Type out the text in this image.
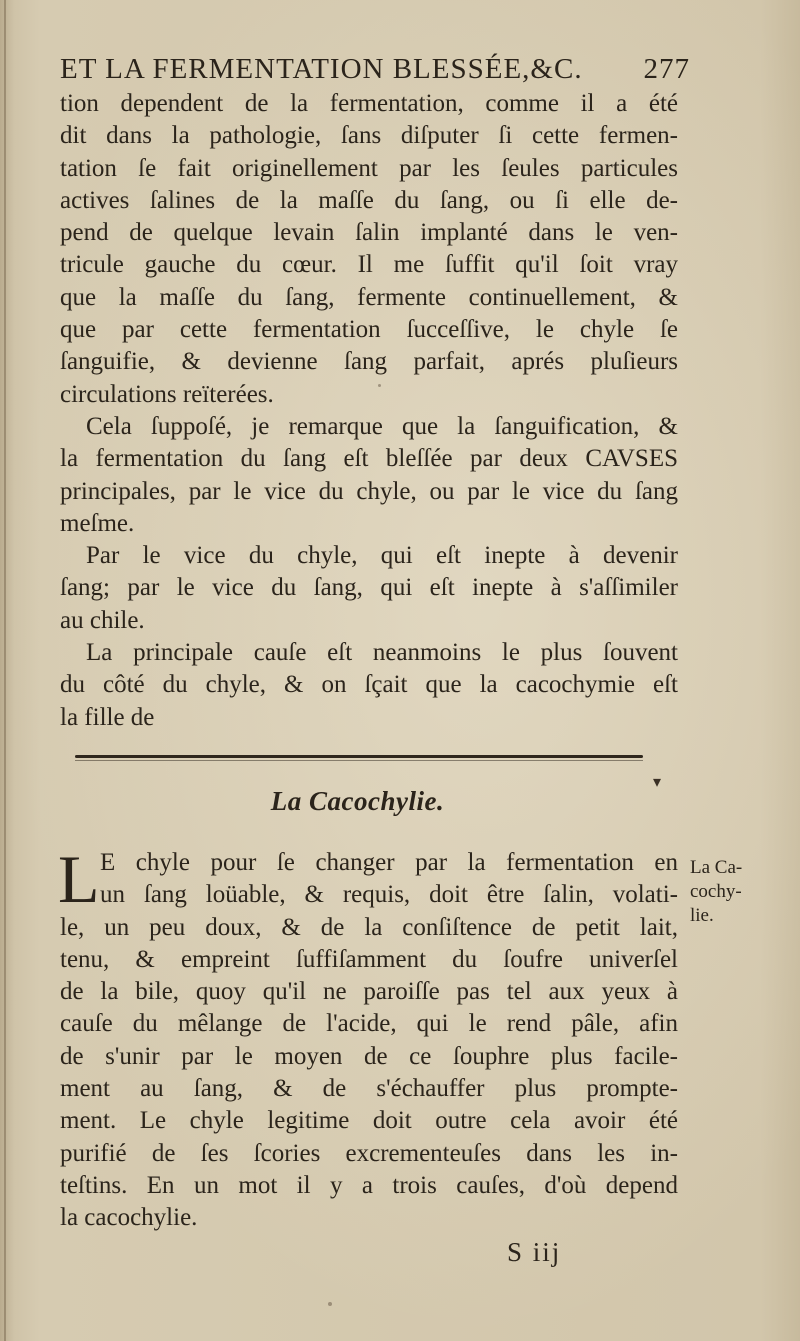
ET LA FERMENTATION BLESSÉE,&C. 277
tion dependent de la fermentation, comme il a été
dit dans la pathologie, ſans diſputer ſi cette fermen-
tation ſe fait originellement par les ſeules particules
actives ſalines de la maſſe du ſang, ou ſi elle de-
pend de quelque levain ſalin implanté dans le ven-
tricule gauche du cœur. Il me ſuffit qu'il ſoit vray
que la maſſe du ſang, fermente continuellement, &
que par cette fermentation ſucceſſive, le chyle ſe
ſanguifie, & devienne ſang parfait, aprés pluſieurs
circulations reïterées.
Cela ſuppoſé, je remarque que la ſanguification, &
la fermentation du ſang eſt bleſſée par deux CAVSES
principales, par le vice du chyle, ou par le vice du ſang
meſme.
Par le vice du chyle, qui eſt inepte à devenir
ſang; par le vice du ſang, qui eſt inepte à s'aſſimiler
au chile.
La principale cauſe eſt neanmoins le plus ſouvent
du côté du chyle, & on ſçait que la cacochymie eſt
la fille de
▾
La Cacochylie.
L E chyle pour ſe changer par la fermentation en
un ſang loüable, & requis, doit être ſalin, volati-
le, un peu doux, & de la conſiſtence de petit lait,
tenu, & empreint ſuffiſamment du ſoufre univerſel
de la bile, quoy qu'il ne paroiſſe pas tel aux yeux à
cauſe du mêlange de l'acide, qui le rend pâle, afin
de s'unir par le moyen de ce ſouphre plus facile-
ment au ſang, & de s'échauffer plus prompte-
ment. Le chyle legitime doit outre cela avoir été
purifié de ſes ſcories excrementeuſes dans les in-
teſtins. En un mot il y a trois cauſes, d'où depend
la cacochylie.
La Ca-
cochy-
lie.
S iij
